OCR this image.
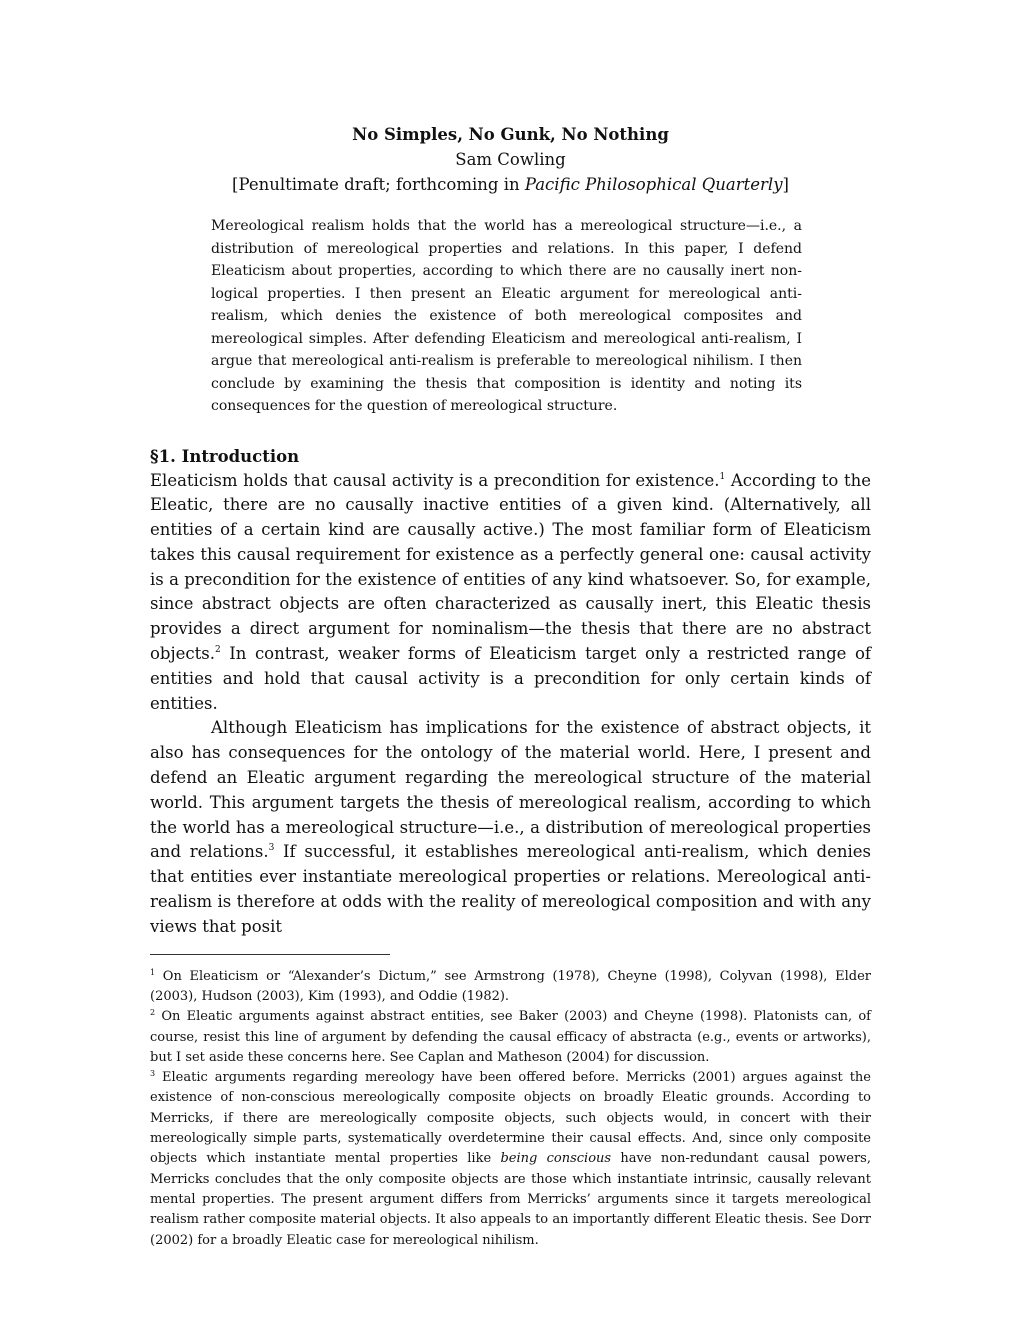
No Simples, No Gunk, No Nothing
Sam Cowling
[Penultimate draft; forthcoming in Pacific Philosophical Quarterly]
Mereological realism holds that the world has a mereological structure—i.e., a distribution of mereological properties and relations. In this paper, I defend Eleaticism about properties, according to which there are no causally inert non-logical properties. I then present an Eleatic argument for mereological anti-realism, which denies the existence of both mereological composites and mereological simples. After defending Eleaticism and mereological anti-realism, I argue that mereological anti-realism is preferable to mereological nihilism. I then conclude by examining the thesis that composition is identity and noting its consequences for the question of mereological structure.
§1. Introduction

Eleaticism holds that causal activity is a precondition for existence.$^1$ According to the Eleatic, there are no causally inactive entities of a given kind. (Alternatively, all entities of a certain kind are causally active.) The most familiar form of Eleaticism takes this causal requirement for existence as a perfectly general one: causal activity is a precondition for the existence of entities of any kind whatsoever. So, for example, since abstract objects are often characterized as causally inert, this Eleatic thesis provides a direct argument for nominalism—the thesis that there are no abstract objects.$^2$ In contrast, weaker forms of Eleaticism target only a restricted range of entities and hold that causal activity is a precondition for only certain kinds of entities.

Although Eleaticism has implications for the existence of abstract objects, it also has consequences for the ontology of the material world. Here, I present and defend an Eleatic argument regarding the mereological structure of the material world. This argument targets the thesis of mereological realism, according to which the world has a mereological structure—i.e., a distribution of mereological properties and relations.$^3$ If successful, it establishes mereological anti-realism, which denies that entities ever instantiate mereological properties or relations. Mereological anti-realism is therefore at odds with the reality of mereological composition and with any views that posit

$^1$ On Eleaticism or “Alexander’s Dictum,” see Armstrong (1978), Cheyne (1998), Colyvan (1998), Elder (2003), Hudson (2003), Kim (1993), and Oddie (1982).

$^2$ On Eleatic arguments against abstract entities, see Baker (2003) and Cheyne (1998). Platonists can, of course, resist this line of argument by defending the causal efficacy of abstracta (e.g., events or artworks), but I set aside these concerns here. See Caplan and Matheson (2004) for discussion.

$^3$ Eleatic arguments regarding mereology have been offered before. Merricks (2001) argues against the existence of non-conscious mereologically composite objects on broadly Eleatic grounds. According to Merricks, if there are mereologically composite objects, such objects would, in concert with their mereologically simple parts, systematically overdetermine their causal effects. And, since only composite objects which instantiate mental properties like being conscious have non-redundant causal powers, Merricks concludes that the only composite objects are those which instantiate intrinsic, causally relevant mental properties. The present argument differs from Merricks’ arguments since it targets mereological realism rather composite material objects. It also appeals to an importantly different Eleatic thesis. See Dorr (2002) for a broadly Eleatic case for mereological nihilism.
